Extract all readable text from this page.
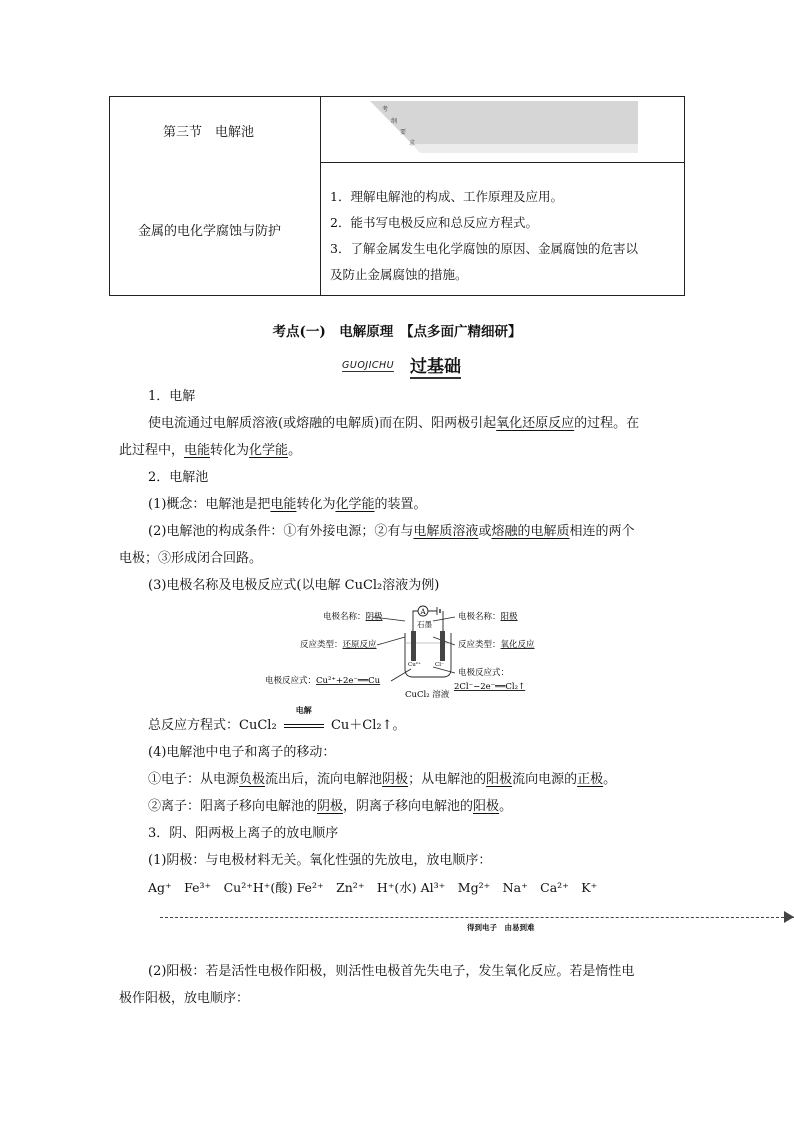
第三节　电解池
金属的电化学腐蚀与防护
考
纲
要
求

1．理解电解池的构成、工作原理及应用。

2．能书写电极反应和总反应方程式。

3．了解金属发生电化学腐蚀的原因、金属腐蚀的危害以

及防止金属腐蚀的措施。

考点(一)　电解原理　【点多面广精细研】
GUOJICHU 过基础

1．电解

使电流通过电解质溶液(或熔融的电解质)而在阴、阳两极引起氧化还原反应的过程。在

此过程中，电能转化为化学能。

2．电解池

(1)概念：电解池是把电能转化为化学能的装置。

(2)电解池的构成条件：①有外接电源；②有与电解质溶液或熔融的电解质相连的两个

电极；③形成闭合回路。

(3)电极名称及电极反应式(以电解 CuCl₂溶液为例)

电极名称：阴极
反应类型：还原反应
电极反应式：Cu²⁺+2e⁻══Cu
电极名称：阳极
反应类型：氧化反应
电极反应式：
2Cl⁻−2e⁻══Cl₂↑
A
石墨
Cu²⁺	Cl⁻
CuCl₂ 溶液

总反应方程式：CuCl₂
电解
Cu＋Cl₂↑。

(4)电解池中电子和离子的移动：

①电子：从电源负极流出后，流向电解池阴极；从电解池的阳极流向电源的正极。

②离子：阳离子移向电解池的阴极，阴离子移向电解池的阳极。

3．阴、阳两极上离子的放电顺序

(1)阴极：与电极材料无关。氧化性强的先放电，放电顺序：

Ag⁺　Fe³⁺　Cu²⁺H⁺(酸) Fe²⁺　Zn²⁺　H⁺(水) Al³⁺　Mg²⁺　Na⁺　Ca²⁺　K⁺

得到电子　由易到难

(2)阳极：若是活性电极作阳极，则活性电极首先失电子，发生氧化反应。若是惰性电

极作阳极，放电顺序：
